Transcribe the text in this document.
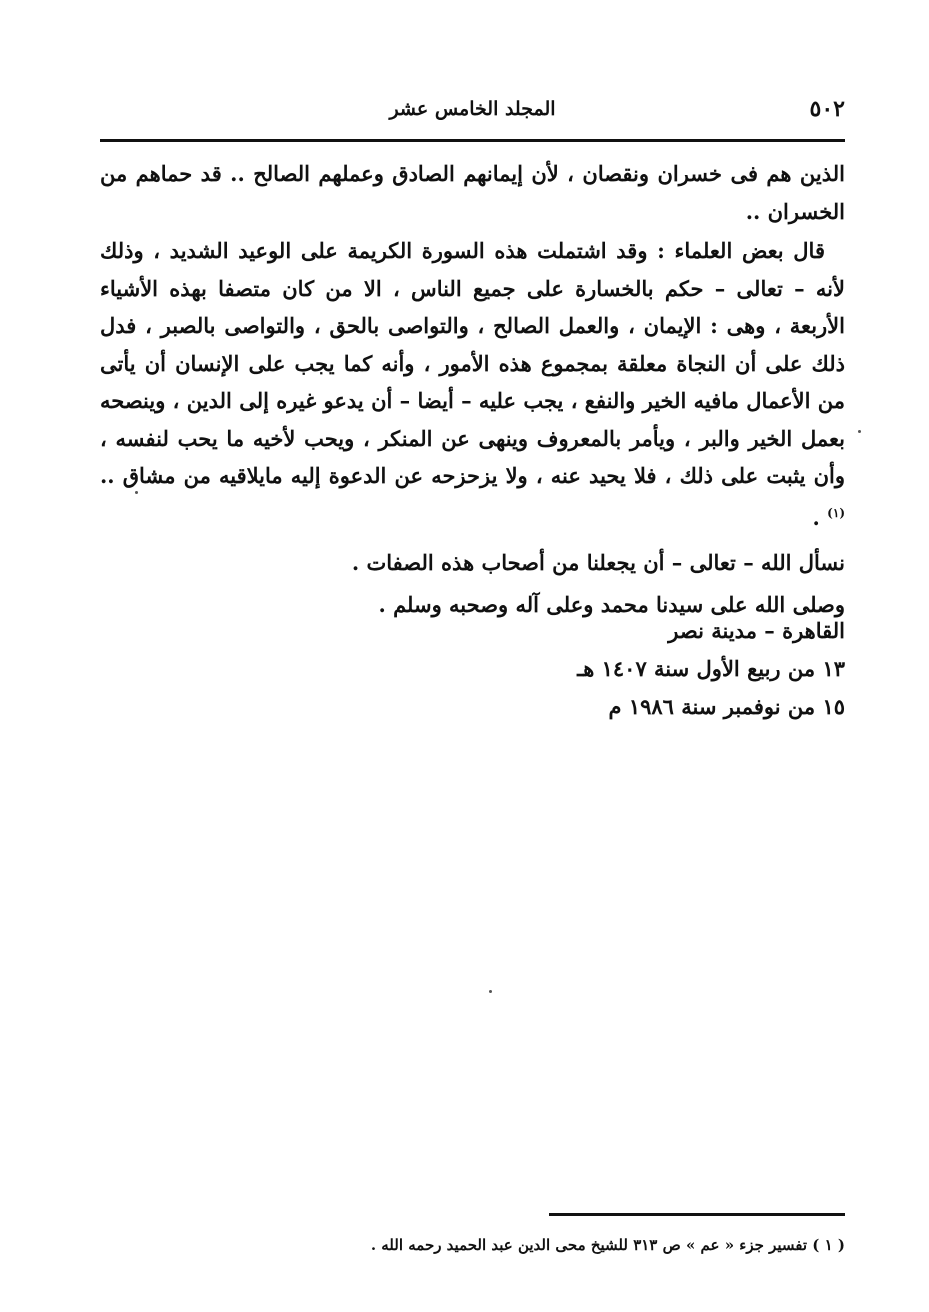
٥٠٢
المجلد الخامس عشر

الذين هم فى خسران ونقصان ، لأن إيمانهم الصادق وعملهم الصالح .. قد حماهم من الخسران ..

قال بعض العلماء : وقد اشتملت هذه السورة الكريمة على الوعيد الشديد ، وذلك لأنه – تعالى – حكم بالخسارة على جميع الناس ، الا من كان متصفا بهذه الأشياء الأربعة ، وهى : الإيمان ، والعمل الصالح ، والتواصى بالحق ، والتواصى بالصبر ، فدل ذلك على أن النجاة معلقة بمجموع هذه الأمور ، وأنه كما يجب على الإنسان أن يأتى من الأعمال مافيه الخير والنفع ، يجب عليه – أيضا – أن يدعو غيره إلى الدين ، وينصحه بعمل الخير والبر ، ويأمر بالمعروف وينهى عن المنكر ، ويحب لأخيه ما يحب لنفسه ، وأن يثبت على ذلك ، فلا يحيد عنه ، ولا يزحزحه عن الدعوة إليه مايلاقيه من مشاق ..$^{(١)}$ .

نسأل الله – تعالى – أن يجعلنا من أصحاب هذه الصفات .

وصلى الله على سيدنا محمد وعلى آله وصحبه وسلم .

القاهرة – مدينة نصر
١٣ من ربيع الأول سنة ١٤٠٧ هـ
١٥ من نوفمبر سنة ١٩٨٦ م
( ١ ) تفسير جزء « عم » ص ٣١٣ للشيخ محى الدين عبد الحميد رحمه الله .
